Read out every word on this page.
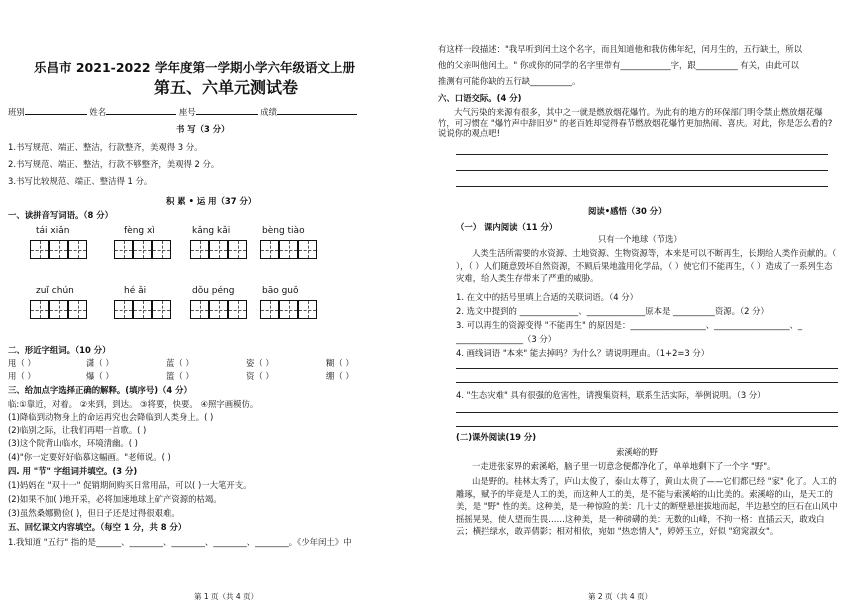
乐昌市 2021-2022 学年度第一学期小学六年级语文上册
第五、六单元测试卷
班别	姓名	座号	成绩
书 写（3 分）
1.书写规范、端正、整洁，行款整齐，美观得 3 分。
2.书写规范、端正、整洁，行款不够整齐，美观得 2 分。
3.书写比较规范、端正、整洁得 1 分。
积 累 • 运 用（37 分）
一、读拼音写词语。（8 分）
tái xiǎn	fèng xì	kǎng kǎi	bèng tiào
zuǐ chún	hé ǎi	dǒu péng	bāo guǒ
二、形近字组词。（10 分）
甩（ ）	潇（ ）	蓝（ ）	姿（ ）	糊（ ）
用（ ）	爆（ ）	篮（ ）	资（ ）	绷（ ）
三、给加点字选择正确的解释。(填序号)（4 分）
临:①靠近，对着。 ②来到，到达。 ③将要，快要。 ④照字画模仿。
(1)降临到动物身上的命运再究也会降临到人类身上。( )
(2)临别之际，让我们再唱一首歌。( )
(3)这个院背山临水，环境清幽。( )
(4)"你一定要好好临慕这幅画。"老师说。( )
四. 用 "节" 字组词并填空。(3 分)
(1)妈妈在 "双十一" 促销期间购买日常用品，可以( )一大笔开支。
(2)如果不加( )地开采，必将加速地球上矿产资源的枯竭。
(3)虽然桑娜勤俭( )，但日子还是过得很艰难。
五、回忆课文内容填空。（每空 1 分，共 8 分）
1.我知道 "五行" 指的是______、________、________、________、________。《少年闰土》中
第 1 页（共 4 页）
有这样一段描述："我早听到闰土这个名字，而且知道他和我仿佛年纪，闰月生的，五行缺土，所以
他的父亲叫他闰土。" 你或你的同学的名字里带有____________字，跟__________ 有关，由此可以
推测有可能你缺的五行缺__________。
六、口语交际。(4 分)
大气污染的来源有很多，其中之一就是燃放烟花爆竹。为此有的地方的环保部门明令禁止燃放烟花爆竹，可习惯在 "爆竹声中辞旧岁" 的老百姓却觉得春节燃放烟花爆竹更加热闹、喜庆。对此，你是怎么看的?说说你的观点吧!
阅读•感悟（30 分）
（一） 课内阅读（11 分）
只有一个地球（节选）
人类生活所需要的水资源、土地资源、生物资源等，本来是可以不断再生，长期给人类作贡献的。（ ），（ ）人们随意毁坏自然资源，不顾后果地滥用化学品，（ ）使它们不能再生，（ ）造成了一系列生态灾难，给人类生存带来了严重的威胁。
1. 在文中的括号里填上合适的关联词语。（4 分）
2. 选文中提到的 ______________、______________原本是 __________资源。（2 分）
3. 可以再生的资源变得 "不能再生" 的原因是：__________________、__________________、_
________________（3 分）
4. 画线词语 "本来" 能去掉吗？为什么？请说明理由。（1+2=3 分）
4. "生态灾难" 具有很强的危害性，请搜集资料，联系生活实际，举例说明。（3 分）
(二)课外阅读(19 分)
索溪峪的野
一走进张家界的索溪峪，脑子里一切意念便都净化了，单单地剩下了一个字 "野"。
山是野的。桂林太秀了，庐山太俊了，泰山太尊了，黄山太贵了——它们都已经 "家" 化了。人工的雕琢，赋予的毕竟是人工的美，而这种人工的美，是不能与索溪峪的山比美的。索溪峪的山，是天工的美，是 "野" 性的美。这种美，是一种惊险的美：几十丈的断壁悬崖拔地而起，半边悬空的巨石在山风中摇摇晃晃，使人望而生畏……这种美，是一种磅礴的美：无数的山峰，不拘一格：直插云天，敢戏白云；横拦绿水，敢弄倩影；相对相依，宛如 "热恋情人"，婷婷玉立，好似 "窈窕淑女"。
第 2 页（共 4 页）
